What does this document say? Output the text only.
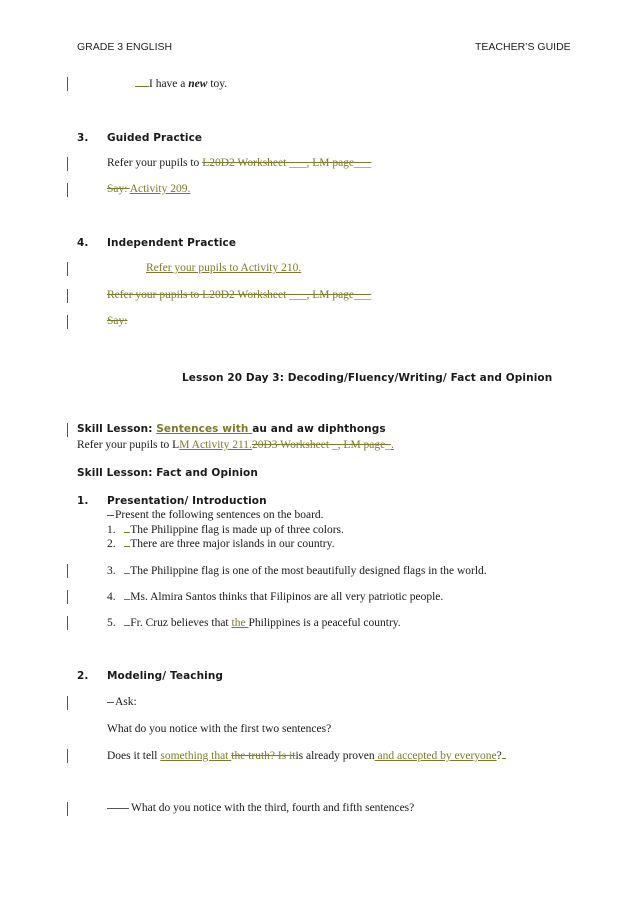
GRADE 3 ENGLISH	TEACHER’S GUIDE
I have a new toy.
3. Guided Practice
Refer your pupils to L20D2 Worksheet ___, LM page___
Say: Activity 209.
4. Independent Practice
Refer your pupils to Activity 210.
Refer your pupils to L20D2 Worksheet ___, LM page___
Say:
Lesson 20 Day 3: Decoding/Fluency/Writing/ Fact and Opinion
Skill Lesson: Sentences with au and aw diphthongs
Refer your pupils to LM Activity 211.20D3 Worksheet _, LM page_.
Skill Lesson: Fact and Opinion
1. Presentation/ Introduction
Present the following sentences on the board.
1. The Philippine flag is made up of three colors.
2. There are three major islands in our country.
3. The Philippine flag is one of the most beautifully designed flags in the world.
4. Ms. Almira Santos thinks that Filipinos are all very patriotic people.
5. Fr. Cruz believes that the Philippines is a peaceful country.
2. Modeling/ Teaching
Ask:
What do you notice with the first two sentences?
Does it tell something that the truth? Is itis already proven and accepted by everyone?
What do you notice with the third, fourth and fifth sentences?
